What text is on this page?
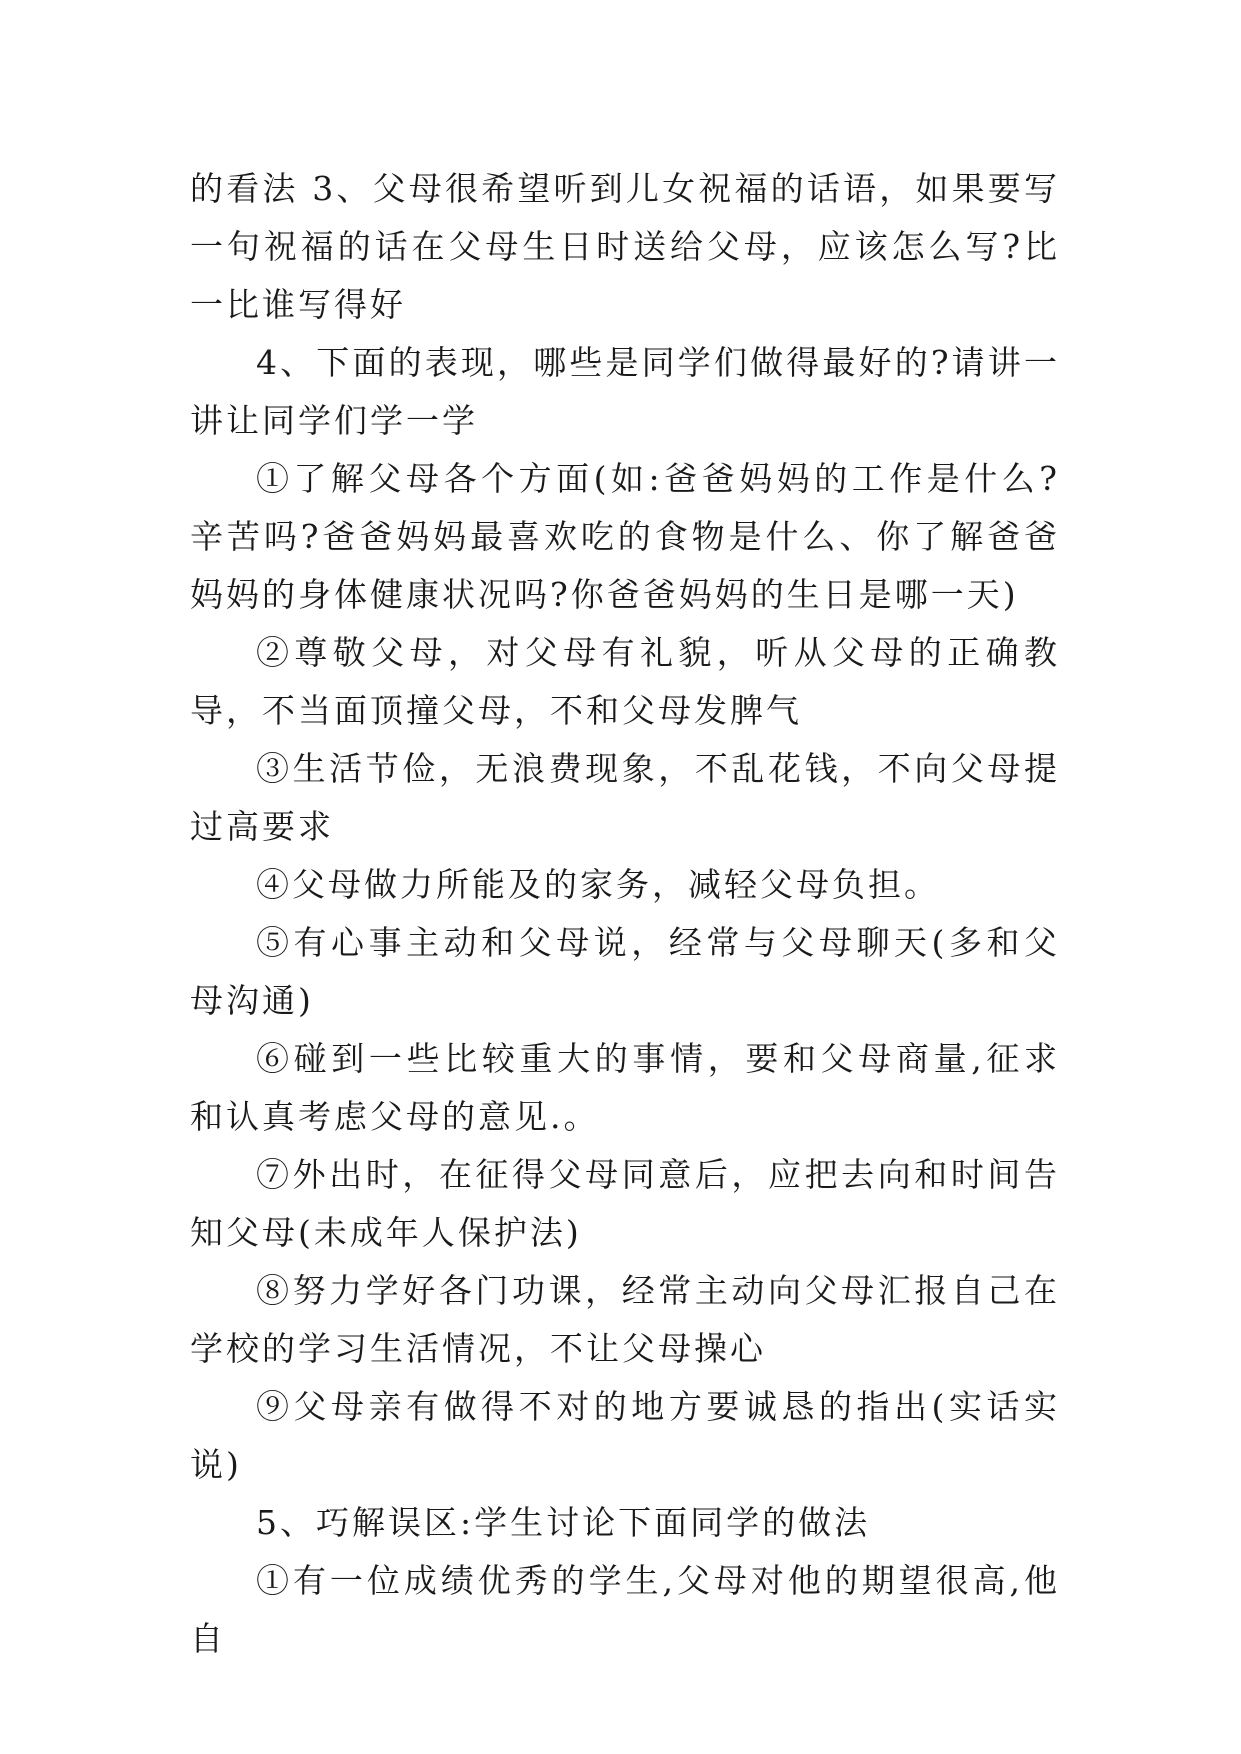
的看法 3、父母很希望听到儿女祝福的话语，如果要写一句祝福的话在父母生日时送给父母，应该怎么写?比一比谁写得好

4、下面的表现，哪些是同学们做得最好的?请讲一讲让同学们学一学

①了解父母各个方面(如:爸爸妈妈的工作是什么?辛苦吗?爸爸妈妈最喜欢吃的食物是什么、你了解爸爸妈妈的身体健康状况吗?你爸爸妈妈的生日是哪一天)

②尊敬父母，对父母有礼貌，听从父母的正确教导，不当面顶撞父母，不和父母发脾气

③生活节俭，无浪费现象，不乱花钱，不向父母提过高要求

④父母做力所能及的家务，减轻父母负担。

⑤有心事主动和父母说，经常与父母聊天(多和父母沟通)

⑥碰到一些比较重大的事情，要和父母商量,征求和认真考虑父母的意见.。

⑦外出时，在征得父母同意后，应把去向和时间告知父母(未成年人保护法)

⑧努力学好各门功课，经常主动向父母汇报自己在学校的学习生活情况，不让父母操心

⑨父母亲有做得不对的地方要诚恳的指出(实话实说)

5、巧解误区:学生讨论下面同学的做法

①有一位成绩优秀的学生,父母对他的期望很高,他自
